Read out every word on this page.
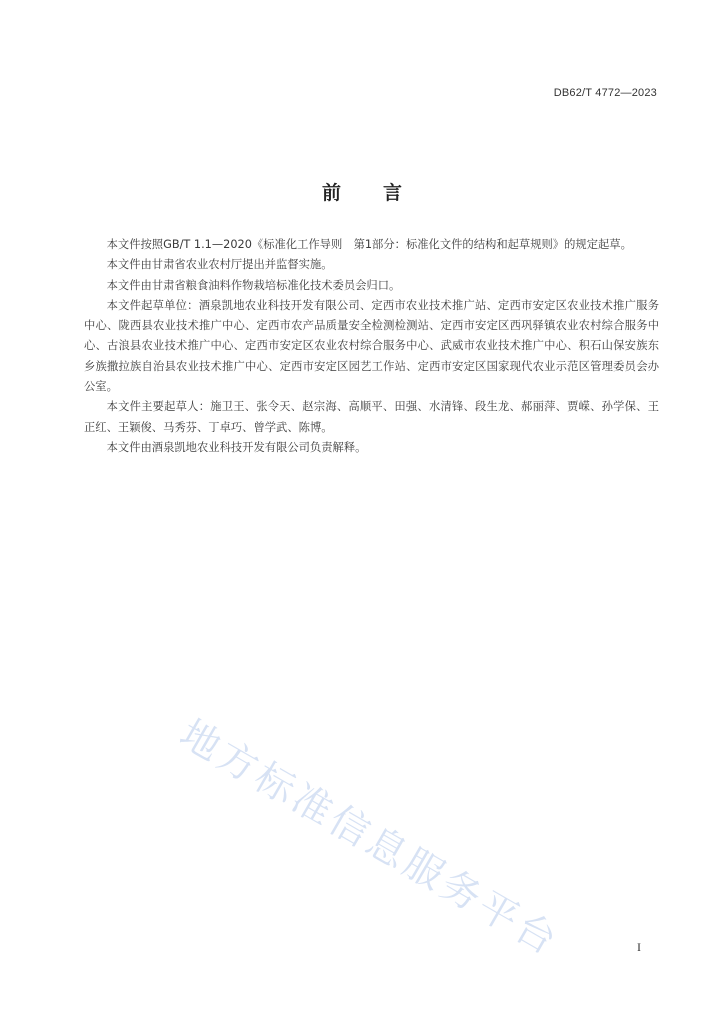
DB62/T 4772—2023
前言

本文件按照GB/T 1.1—2020《标准化工作导则　第1部分：标准化文件的结构和起草规则》的规定起草。

本文件由甘肃省农业农村厅提出并监督实施。

本文件由甘肃省粮食油料作物栽培标准化技术委员会归口。

本文件起草单位：酒泉凯地农业科技开发有限公司、定西市农业技术推广站、定西市安定区农业技术推广服务中心、陇西县农业技术推广中心、定西市农产品质量安全检测检测站、定西市安定区西巩驿镇农业农村综合服务中心、古浪县农业技术推广中心、定西市安定区农业农村综合服务中心、武威市农业技术推广中心、积石山保安族东乡族撒拉族自治县农业技术推广中心、定西市安定区园艺工作站、定西市安定区国家现代农业示范区管理委员会办公室。

本文件主要起草人：施卫王、张令天、赵宗海、高顺平、田强、水清锋、段生龙、郝丽萍、贾嵘、孙学保、王正红、王颖俊、马秀芬、丁卓巧、曾学武、陈博。

本文件由酒泉凯地农业科技开发有限公司负责解释。

地方标准信息服务平台	I
